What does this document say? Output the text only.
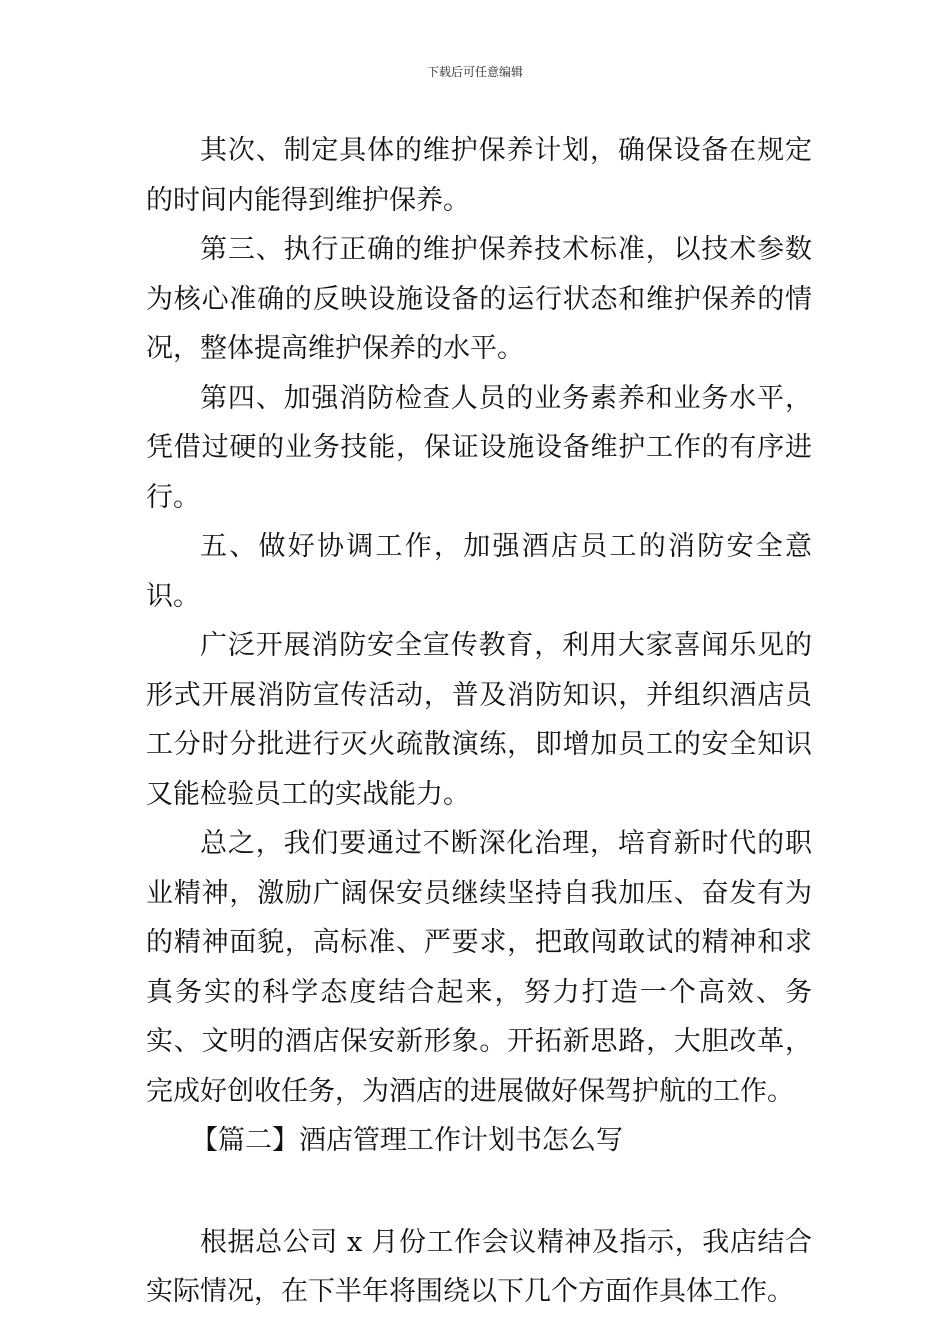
下载后可任意编辑

其次、制定具体的维护保养计划，确保设备在规定的时间内能得到维护保养。

第三、执行正确的维护保养技术标准，以技术参数为核心准确的反映设施设备的运行状态和维护保养的情况，整体提高维护保养的水平。

第四、加强消防检查人员的业务素养和业务水平，凭借过硬的业务技能，保证设施设备维护工作的有序进行。

五、做好协调工作，加强酒店员工的消防安全意识。

广泛开展消防安全宣传教育，利用大家喜闻乐见的形式开展消防宣传活动，普及消防知识，并组织酒店员工分时分批进行灭火疏散演练，即增加员工的安全知识又能检验员工的实战能力。

总之，我们要通过不断深化治理，培育新时代的职业精神，激励广阔保安员继续坚持自我加压、奋发有为的精神面貌，高标准、严要求，把敢闯敢试的精神和求真务实的科学态度结合起来，努力打造一个高效、务实、文明的酒店保安新形象。开拓新思路，大胆改革，完成好创收任务，为酒店的进展做好保驾护航的工作。

【篇二】酒店管理工作计划书怎么写

根据总公司 x 月份工作会议精神及指示，我店结合实际情况，在下半年将围绕以下几个方面作具体工作。
